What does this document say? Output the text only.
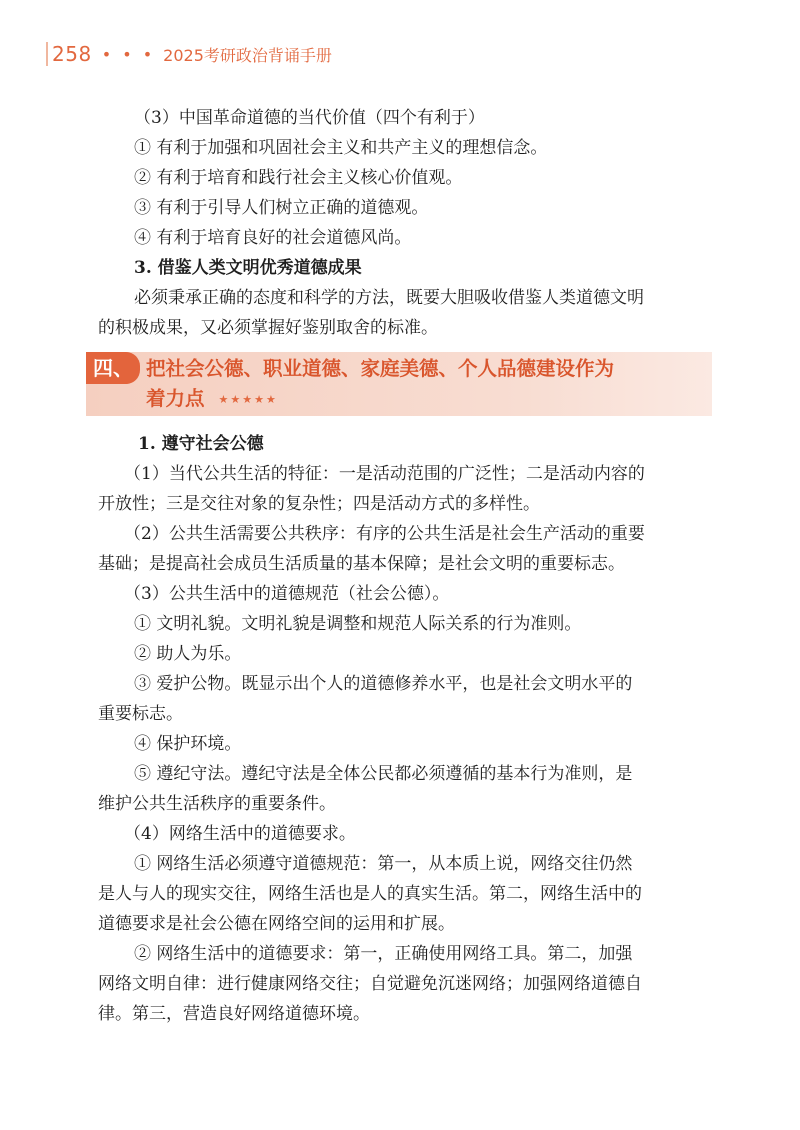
258 • • • 2025考研政治背诵手册
（3）中国革命道德的当代价值（四个有利于）
① 有利于加强和巩固社会主义和共产主义的理想信念。
② 有利于培育和践行社会主义核心价值观。
③ 有利于引导人们树立正确的道德观。
④ 有利于培育良好的社会道德风尚。
3. 借鉴人类文明优秀道德成果
必须秉承正确的态度和科学的方法，既要大胆吸收借鉴人类道德文明
的积极成果，又必须掌握好鉴别取舍的标准。
四、 把社会公德、职业道德、家庭美德、个人品德建设作为
着力点 ★★★★★
1. 遵守社会公德
（1）当代公共生活的特征：一是活动范围的广泛性；二是活动内容的
开放性；三是交往对象的复杂性；四是活动方式的多样性。
（2）公共生活需要公共秩序：有序的公共生活是社会生产活动的重要
基础；是提高社会成员生活质量的基本保障；是社会文明的重要标志。
（3）公共生活中的道德规范（社会公德）。
① 文明礼貌。文明礼貌是调整和规范人际关系的行为准则。
② 助人为乐。
③ 爱护公物。既显示出个人的道德修养水平，也是社会文明水平的
重要标志。
④ 保护环境。
⑤ 遵纪守法。遵纪守法是全体公民都必须遵循的基本行为准则，是
维护公共生活秩序的重要条件。
（4）网络生活中的道德要求。
① 网络生活必须遵守道德规范：第一，从本质上说，网络交往仍然
是人与人的现实交往，网络生活也是人的真实生活。第二，网络生活中的
道德要求是社会公德在网络空间的运用和扩展。
② 网络生活中的道德要求：第一，正确使用网络工具。第二，加强
网络文明自律：进行健康网络交往；自觉避免沉迷网络；加强网络道德自
律。第三，营造良好网络道德环境。
